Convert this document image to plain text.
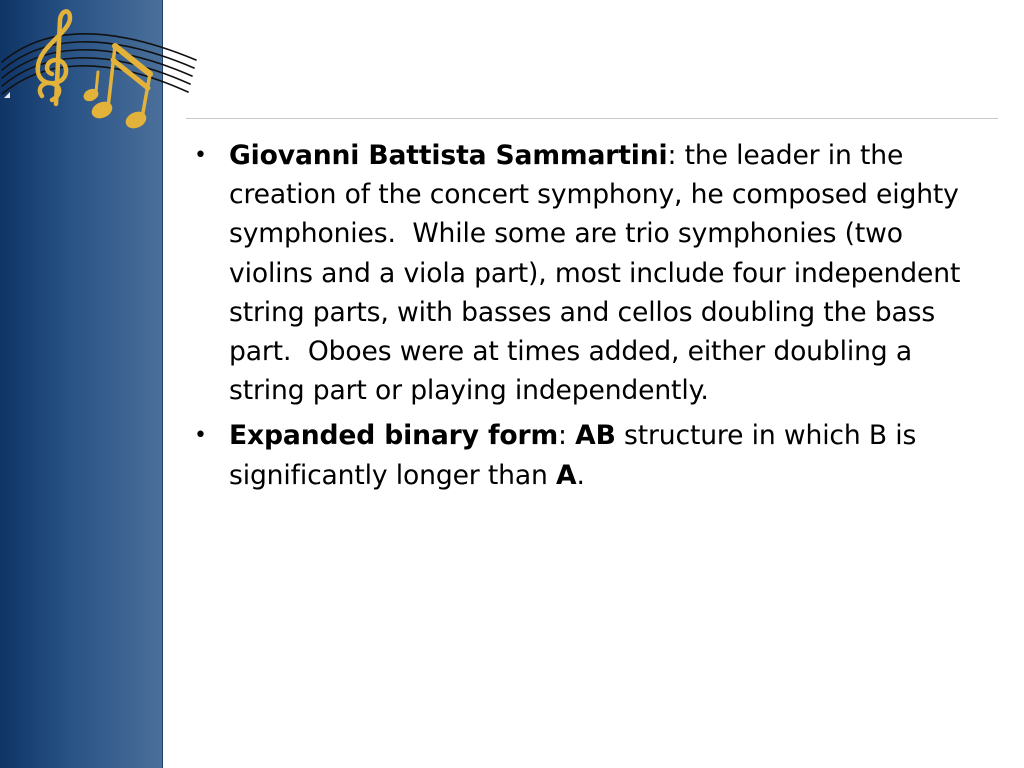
• Giovanni Battista Sammartini: the leader in the creation of the concert symphony, he composed eighty symphonies.  While some are trio symphonies (two violins and a viola part), most include four independent string parts, with basses and cellos doubling the bass part.  Oboes were at times added, either doubling a string part or playing independently.
• Expanded binary form: AB structure in which B is significantly longer than A.
